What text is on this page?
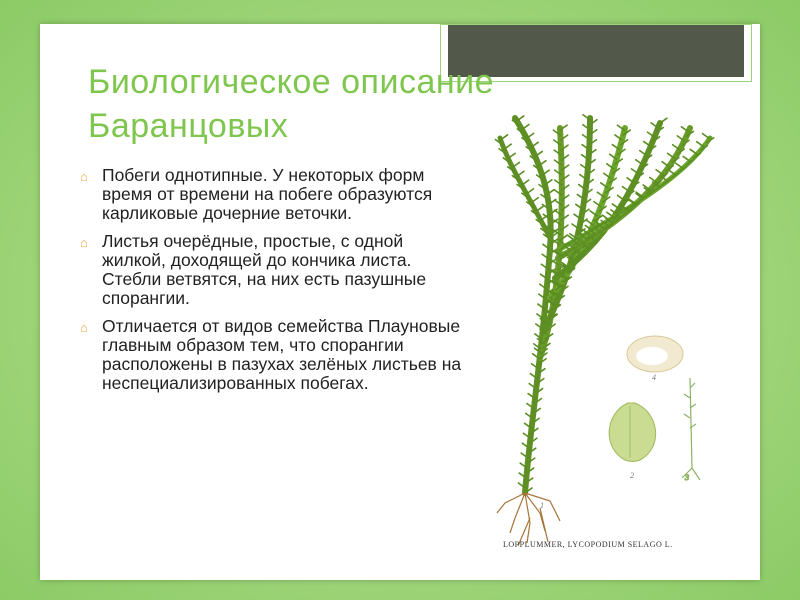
Биологическое описание Баранцовых
⌂ Побеги однотипные. У некоторых форм время от времени на побеге образуются карликовые дочерние веточки.
⌂ Листья очерёдные, простые, с одной жилкой, доходящей до кончика листа. Стебли ветвятся, на них есть пазушные спорангии.
⌂ Отличается от видов семейства Плауновые главным образом тем, что спорангии расположены в пазухах зелёных листьев на неспециализированных побегах.	4
2	3
1
LOPPLUMMER, LYCOPODIUM SELAGO L.
